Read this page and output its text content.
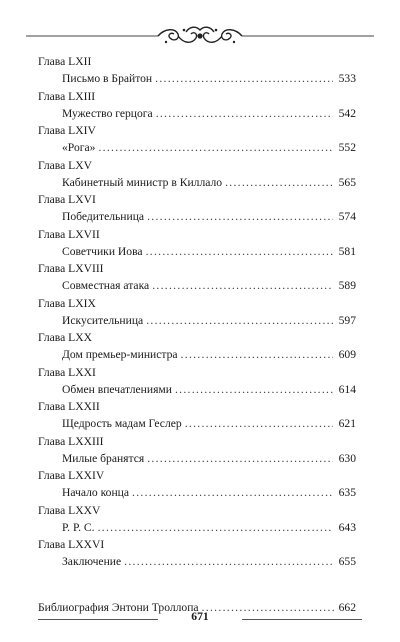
Глава LXII
Письмо в Брайтон . . .	533
Глава LXIII
Мужество герцога . . .	542
Глава LXIV
«Рога» . . .	552
Глава LXV
Кабинетный министр в Киллало . . .	565
Глава LXVI
Победительница . . .	574
Глава LXVII
Советчики Иова . . .	581
Глава LXVIII
Совместная атака . . .	589
Глава LXIX
Искусительница . . .	597
Глава LXX
Дом премьер-министра . . .	609
Глава LXXI
Обмен впечатлениями . . .	614
Глава LXXII
Щедрость мадам Геслер . . .	621
Глава LXXIII
Милые бранятся . . .	630
Глава LXXIV
Начало конца . . .	635
Глава LXXV
P. P. C. . . .	643
Глава LXXVI
Заключение . . .	655
Библиография Энтони Троллопа . . .	662
671
